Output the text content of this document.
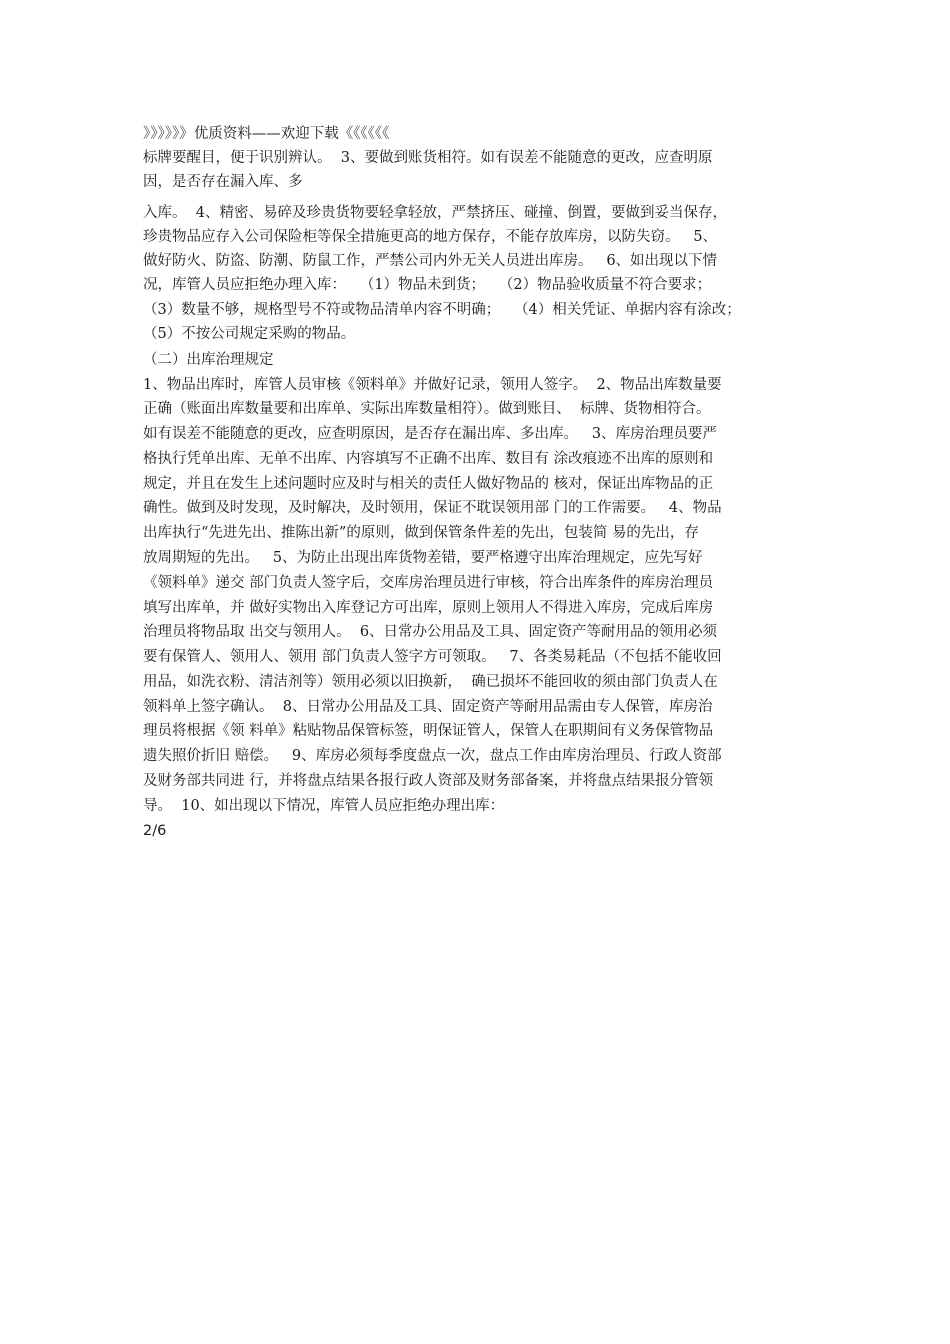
》》》》》》优质资料——欢迎下载《《《《《《
标牌要醒目，便于识别辨认。  3、要做到账货相符。如有误差不能随意的更改，应查明原
因，是否存在漏入库、多
入库。  4、精密、易碎及珍贵货物要轻拿轻放，严禁挤压、碰撞、倒置，要做到妥当保存，
珍贵物品应存入公司保险柜等保全措施更高的地方保存，不能存放库房，以防失窃。   5、
做好防火、防盗、防潮、防鼠工作，严禁公司内外无关人员进出库房。   6、如出现以下情
况，库管人员应拒绝办理入库：   （1）物品未到货；   （2）物品验收质量不符合要求；
（3）数量不够，规格型号不符或物品清单内容不明确；   （4）相关凭证、单据内容有涂改；
（5）不按公司规定采购的物品。
（二）出库治理规定
1、物品出库时，库管人员审核《领料单》并做好记录，领用人签字。  2、物品出库数量要
正确（账面出库数量要和出库单、实际出库数量相符）。做到账目、  标牌、货物相符合。
如有误差不能随意的更改，应查明原因，是否存在漏出库、多出库。   3、库房治理员要严
格执行凭单出库、无单不出库、内容填写不正确不出库、数目有 涂改痕迹不出库的原则和
规定，并且在发生上述问题时应及时与相关的责任人做好物品的 核对，保证出库物品的正
确性。做到及时发现，及时解决，及时领用，保证不耽误领用部 门的工作需要。   4、物品
出库执行“先进先出、推陈出新”的原则，做到保管条件差的先出，包装简 易的先出，存
放周期短的先出。   5、为防止出现出库货物差错，要严格遵守出库治理规定，应先写好
《领料单》递交 部门负责人签字后，交库房治理员进行审核，符合出库条件的库房治理员
填写出库单，并 做好实物出入库登记方可出库，原则上领用人不得进入库房，完成后库房
治理员将物品取 出交与领用人。  6、日常办公用品及工具、固定资产等耐用品的领用必须
要有保管人、领用人、领用 部门负责人签字方可领取。   7、各类易耗品（不包括不能收回
用品，如洗衣粉、清洁剂等）领用必须以旧换新，  确已损坏不能回收的须由部门负责人在
领料单上签字确认。  8、日常办公用品及工具、固定资产等耐用品需由专人保管，库房治
理员将根据《领 料单》粘贴物品保管标签，明保证管人，保管人在职期间有义务保管物品
遗失照价折旧 赔偿。   9、库房必须每季度盘点一次，盘点工作由库房治理员、行政人资部
及财务部共同进 行，并将盘点结果各报行政人资部及财务部备案，并将盘点结果报分管领
导。  10、如出现以下情况，库管人员应拒绝办理出库：
2/6
